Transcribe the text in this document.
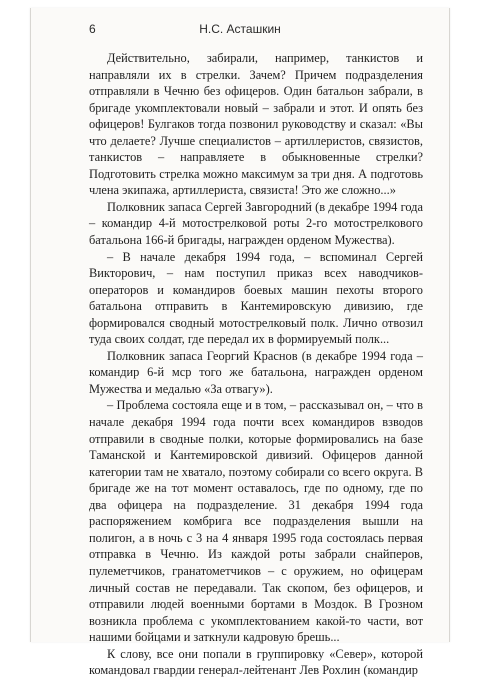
6	Н.С. Асташкин

Действительно, забирали, например, танкистов и направляли их в стрелки. Зачем? Причем подразделения отправляли в Чечню без офицеров. Один батальон забрали, в бригаде укомплектовали новый – забрали и этот. И опять без офицеров! Булгаков тогда позвонил руководству и сказал: «Вы что делаете? Лучше специалистов – артиллеристов, связистов, танкистов – направляете в обыкновенные стрелки? Подготовить стрелка можно максимум за три дня. А подготовь члена экипажа, артиллериста, связиста! Это же сложно...»

Полковник запаса Сергей Завгородний (в декабре 1994 года – командир 4-й мотострелковой роты 2-го мотострелкового батальона 166-й бригады, награжден орденом Мужества).

– В начале декабря 1994 года, – вспоминал Сергей Викторович, – нам поступил приказ всех наводчиков-операторов и командиров боевых машин пехоты второго батальона отправить в Кантемировскую дивизию, где формировался сводный мотострелковый полк. Лично отвозил туда своих солдат, где передал их в формируемый полк...

Полковник запаса Георгий Краснов (в декабре 1994 года – командир 6-й мср того же батальона, награжден орденом Мужества и медалью «За отвагу»).

– Проблема состояла еще и в том, – рассказывал он, – что в начале декабря 1994 года почти всех командиров взводов отправили в сводные полки, которые формировались на базе Таманской и Кантемировской дивизий. Офицеров данной категории там не хватало, поэтому собирали со всего округа. В бригаде же на тот момент оставалось, где по одному, где по два офицера на подразделение. 31 декабря 1994 года распоряжением комбрига все подразделения вышли на полигон, а в ночь с 3 на 4 января 1995 года состоялась первая отправка в Чечню. Из каждой роты забрали снайперов, пулеметчиков, гранатометчиков – с оружием, но офицерам личный состав не передавали. Так скопом, без офицеров, и отправили людей военными бортами в Моздок. В Грозном возникла проблема с укомплектованием какой-то части, вот нашими бойцами и заткнули кадровую брешь...

К слову, все они попали в группировку «Север», которой командовал гвардии генерал-лейтенант Лев Рохлин (командир
